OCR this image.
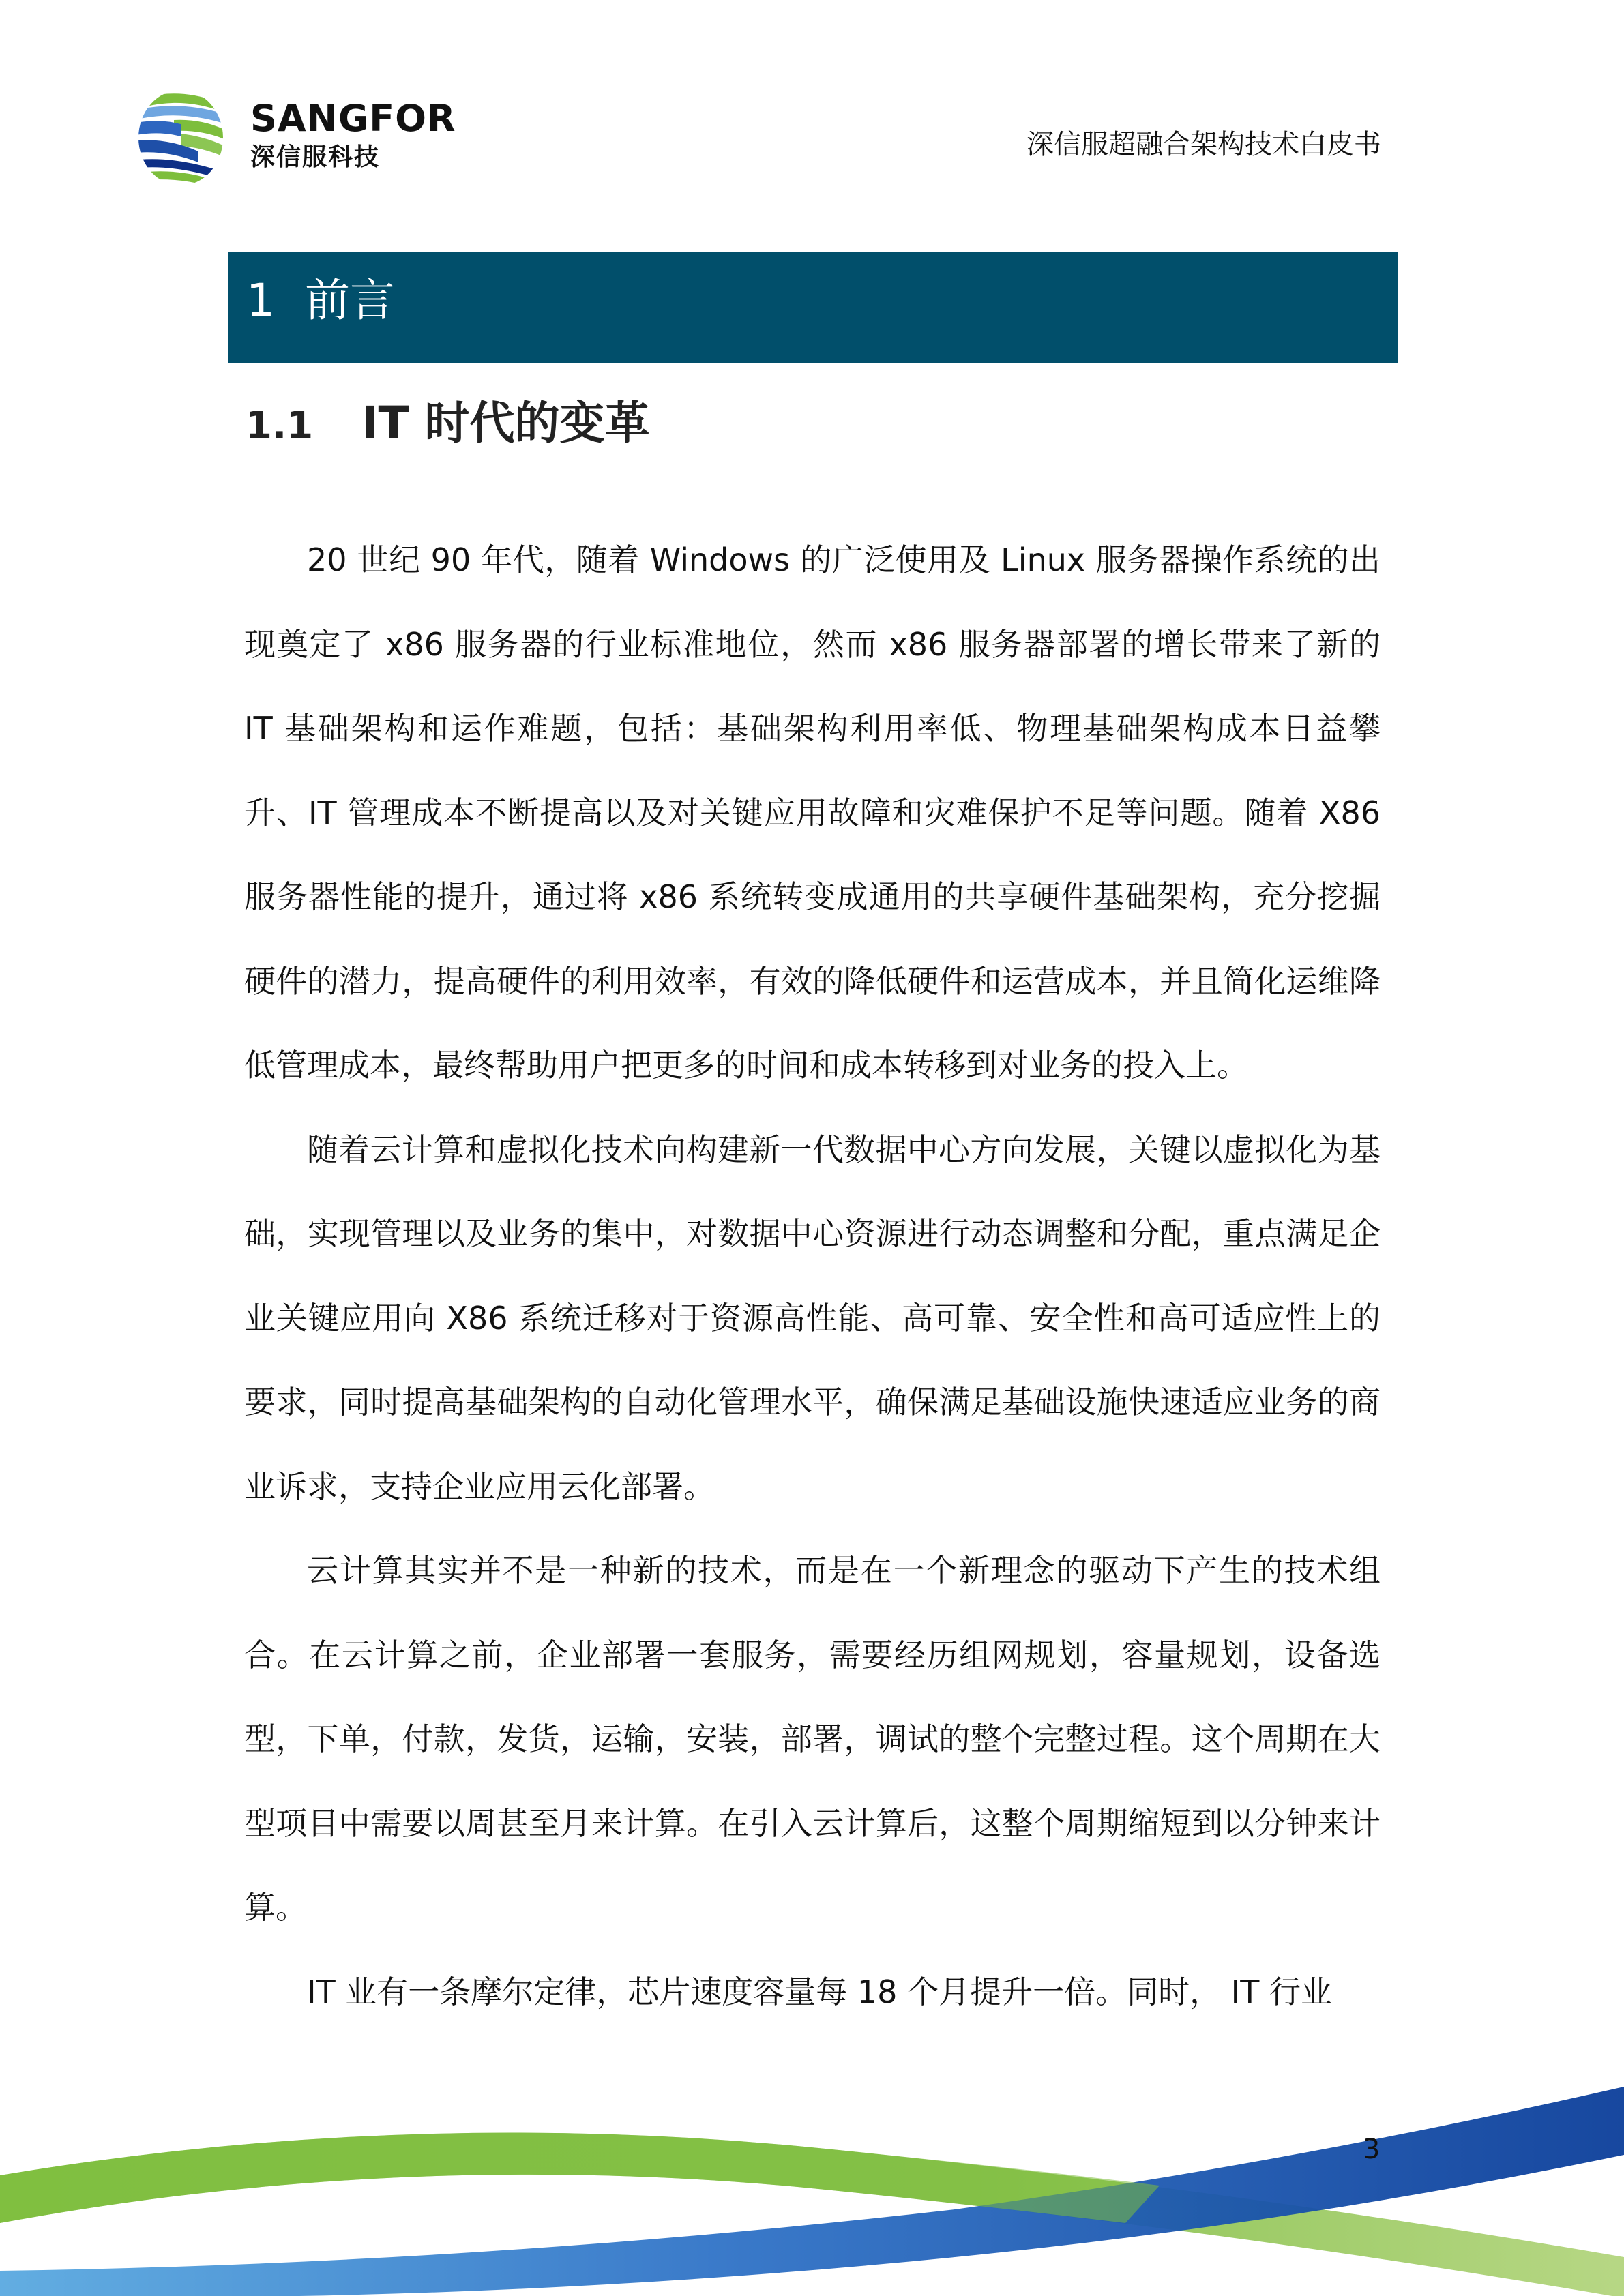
SANGFOR
深信服科技	深信服超融合架构技术白皮书
1 前言
1.1 IT 时代的变革

20 世纪 90 年代，随着 Windows 的广泛使用及 Linux 服务器操作系统的出现奠定了 x86 服务器的行业标准地位，然而 x86 服务器部署的增长带来了新的 IT 基础架构和运作难题，包括：基础架构利用率低、物理基础架构成本日益攀升、IT 管理成本不断提高以及对关键应用故障和灾难保护不足等问题。随着 X86 服务器性能的提升，通过将 x86 系统转变成通用的共享硬件基础架构，充分挖掘硬件的潜力，提高硬件的利用效率，有效的降低硬件和运营成本，并且简化运维降低管理成本，最终帮助用户把更多的时间和成本转移到对业务的投入上。

随着云计算和虚拟化技术向构建新一代数据中心方向发展，关键以虚拟化为基础，实现管理以及业务的集中，对数据中心资源进行动态调整和分配，重点满足企业关键应用向 X86 系统迁移对于资源高性能、高可靠、安全性和高可适应性上的要求，同时提高基础架构的自动化管理水平，确保满足基础设施快速适应业务的商业诉求，支持企业应用云化部署。

云计算其实并不是一种新的技术，而是在一个新理念的驱动下产生的技术组合。在云计算之前，企业部署一套服务，需要经历组网规划，容量规划，设备选型，下单，付款，发货，运输，安装，部署，调试的整个完整过程。这个周期在大型项目中需要以周甚至月来计算。在引入云计算后，这整个周期缩短到以分钟来计算。

IT 业有一条摩尔定律，芯片速度容量每 18 个月提升一倍。同时， IT 行业

3
